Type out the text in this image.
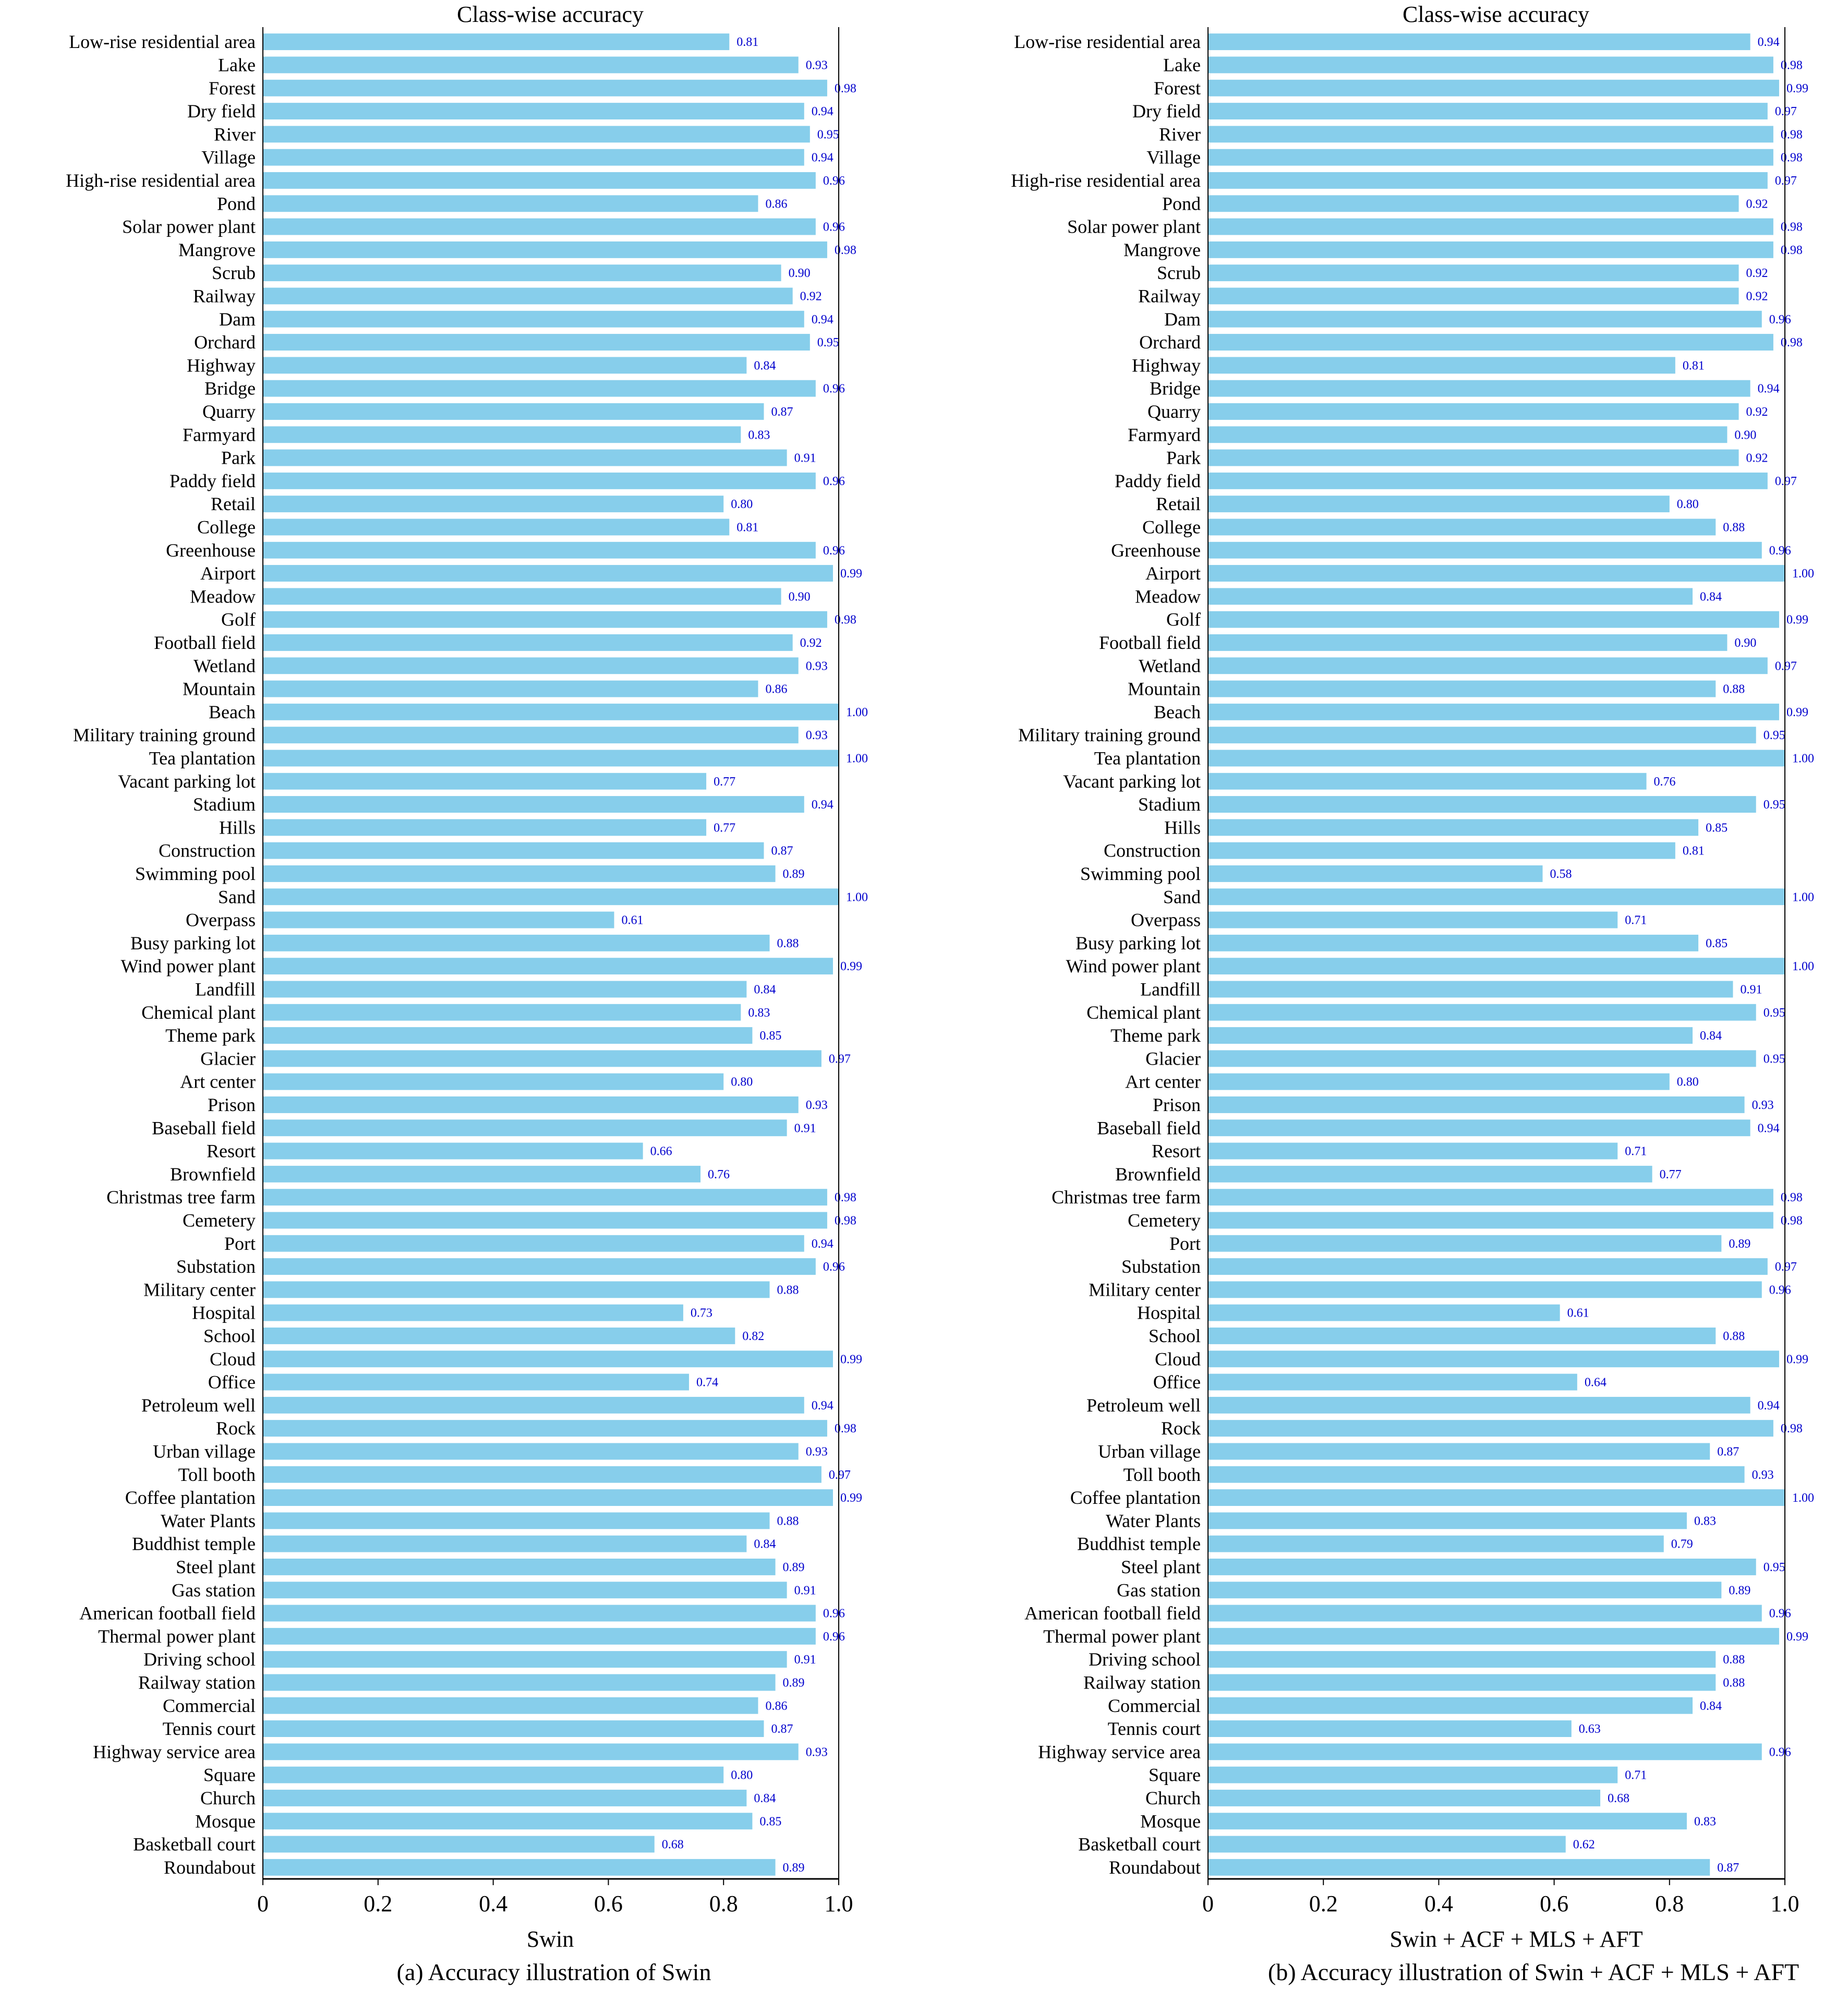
Class-wise accuracy
Low-rise residential area
Lake
Forest
Dry field
River
Village
High-rise residential area
Pond
Solar power plant
Mangrove
Scrub
Railway
Dam
Orchard
Highway
Bridge
Quarry
Farmyard
Park
Paddy field
Retail
College
Greenhouse
Airport
Meadow
Golf
Football field
Wetland
Mountain
Beach
Military training ground
Tea plantation
Vacant parking lot
Stadium
Hills
Construction
Swimming pool
Sand
Overpass
Busy parking lot
Wind power plant
Landfill
Chemical plant
Theme park
Glacier
Art center
Prison
Baseball field
Resort
Brownfield
Christmas tree farm
Cemetery
Port
Substation
Military center
Hospital
School
Cloud
Office
Petroleum well
Rock
Urban village
Toll booth
Coffee plantation
Water Plants
Buddhist temple
Steel plant
Gas station
American football field
Thermal power plant
Driving school
Railway station
Commercial
Tennis court
Highway service area
Square
Church
Mosque
Basketball court
Roundabout
0.81
0.93
0.98
0.94
0.95
0.94
0.96
0.86
0.96
0.98
0.90
0.92
0.94
0.95
0.84
0.96
0.87
0.83
0.91
0.96
0.80
0.81
0.96
0.99
0.90
0.98
0.92
0.93
0.86
1.00
0.93
1.00
0.77
0.94
0.77
0.87
0.89
1.00
0.61
0.88
0.99
0.84
0.83
0.85
0.97
0.80
0.93
0.91
0.66
0.76
0.98
0.98
0.94
0.96
0.88
0.73
0.82
0.99
0.74
0.94
0.98
0.93
0.97
0.99
0.88
0.84
0.89
0.91
0.96
0.96
0.91
0.89
0.86
0.87
0.93
0.80
0.84
0.85
0.68
0.89
0	0.2	0.4	0.6	0.8	1.0
Swin
(a) Accuracy illustration of Swin
Class-wise accuracy
Low-rise residential area
Lake
Forest
Dry field
River
Village
High-rise residential area
Pond
Solar power plant
Mangrove
Scrub
Railway
Dam
Orchard
Highway
Bridge
Quarry
Farmyard
Park
Paddy field
Retail
College
Greenhouse
Airport
Meadow
Golf
Football field
Wetland
Mountain
Beach
Military training ground
Tea plantation
Vacant parking lot
Stadium
Hills
Construction
Swimming pool
Sand
Overpass
Busy parking lot
Wind power plant
Landfill
Chemical plant
Theme park
Glacier
Art center
Prison
Baseball field
Resort
Brownfield
Christmas tree farm
Cemetery
Port
Substation
Military center
Hospital
School
Cloud
Office
Petroleum well
Rock
Urban village
Toll booth
Coffee plantation
Water Plants
Buddhist temple
Steel plant
Gas station
American football field
Thermal power plant
Driving school
Railway station
Commercial
Tennis court
Highway service area
Square
Church
Mosque
Basketball court
Roundabout
0.94
0.98
0.99
0.97
0.98
0.98
0.97
0.92
0.98
0.98
0.92
0.92
0.96
0.98
0.81
0.94
0.92
0.90
0.92
0.97
0.80
0.88
0.96
1.00
0.84
0.99
0.90
0.97
0.88
0.99
0.95
1.00
0.76
0.95
0.85
0.81
0.58
1.00
0.71
0.85
1.00
0.91
0.95
0.84
0.95
0.80
0.93
0.94
0.71
0.77
0.98
0.98
0.89
0.97
0.96
0.61
0.88
0.99
0.64
0.94
0.98
0.87
0.93
1.00
0.83
0.79
0.95
0.89
0.96
0.99
0.88
0.88
0.84
0.63
0.96
0.71
0.68
0.83
0.62
0.87
0	0.2	0.4	0.6	0.8	1.0
Swin + ACF + MLS + AFT
(b) Accuracy illustration of Swin + ACF + MLS + AFT
